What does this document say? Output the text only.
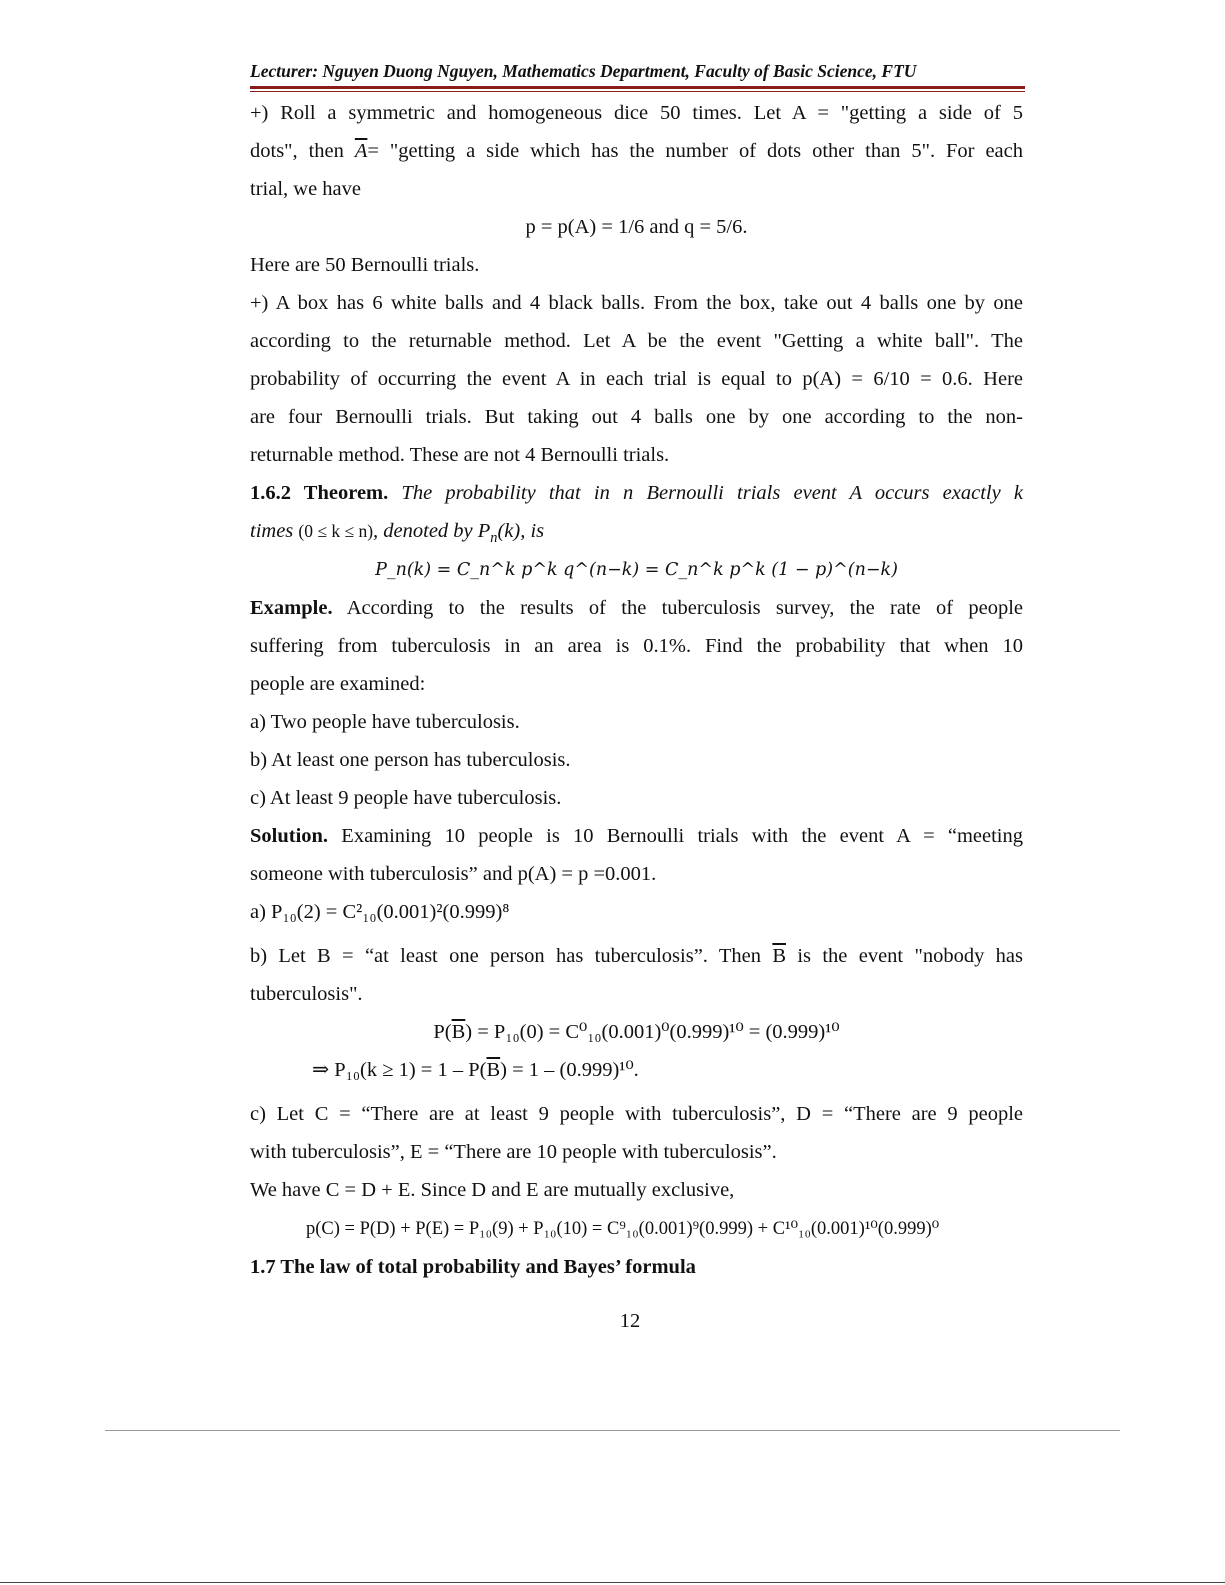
Lecturer: Nguyen Duong Nguyen, Mathematics Department, Faculty of Basic Science, FTU

+) Roll a symmetric and homogeneous dice 50 times. Let A = "getting a side of 5

dots", then $\overline{A}=$ "getting a side which has the number of dots other than 5". For each

trial, we have

p = p(A) = 1/6 and q = 5/6.

Here are 50 Bernoulli trials.

+) A box has 6 white balls and 4 black balls. From the box, take out 4 balls one by one

according to the returnable method. Let A be the event "Getting a white ball". The

probability of occurring the event A in each trial is equal to p(A) = 6/10 = 0.6. Here

are four Bernoulli trials. But taking out 4 balls one by one according to the non-

returnable method. These are not 4 Bernoulli trials.

1.6.2 Theorem. The probability that in n Bernoulli trials event A occurs exactly k

times (0 ≤ k ≤ n), denoted by $P_n(k)$, is

P_n(k) = C_n^k p^k q^(n−k) = C_n^k p^k (1 − p)^(n−k)

Example. According to the results of the tuberculosis survey, the rate of people

suffering from tuberculosis in an area is 0.1%. Find the probability that when 10

people are examined:

a) Two people have tuberculosis.

b) At least one person has tuberculosis.

c) At least 9 people have tuberculosis.

Solution. Examining 10 people is 10 Bernoulli trials with the event A = “meeting

someone with tuberculosis” and p(A) = p =0.001.

a) P₁₀(2) = C²₁₀(0.001)²(0.999)⁸

b) Let B = “at least one person has tuberculosis”. Then $\overline{B}$ is the event "nobody has

tuberculosis".

$P(\overline{B}) = P_{10}(0) = C^0_{10}(0.001)^0(0.999)^{10} = (0.999)^{10}$

⇒ $P_{10}(k \ge 1) = 1 - P(\overline{B}) = 1 - (0.999)^{10}$.

c) Let C = “There are at least 9 people with tuberculosis”, D = “There are 9 people

with tuberculosis”, E = “There are 10 people with tuberculosis”.

We have C = D + E. Since D and E are mutually exclusive,

p(C) = P(D) + P(E) = P₁₀(9) + P₁₀(10) = C⁹₁₀(0.001)⁹(0.999) + C¹⁰₁₀(0.001)¹⁰(0.999)⁰

1.7 The law of total probability and Bayes’ formula

12
